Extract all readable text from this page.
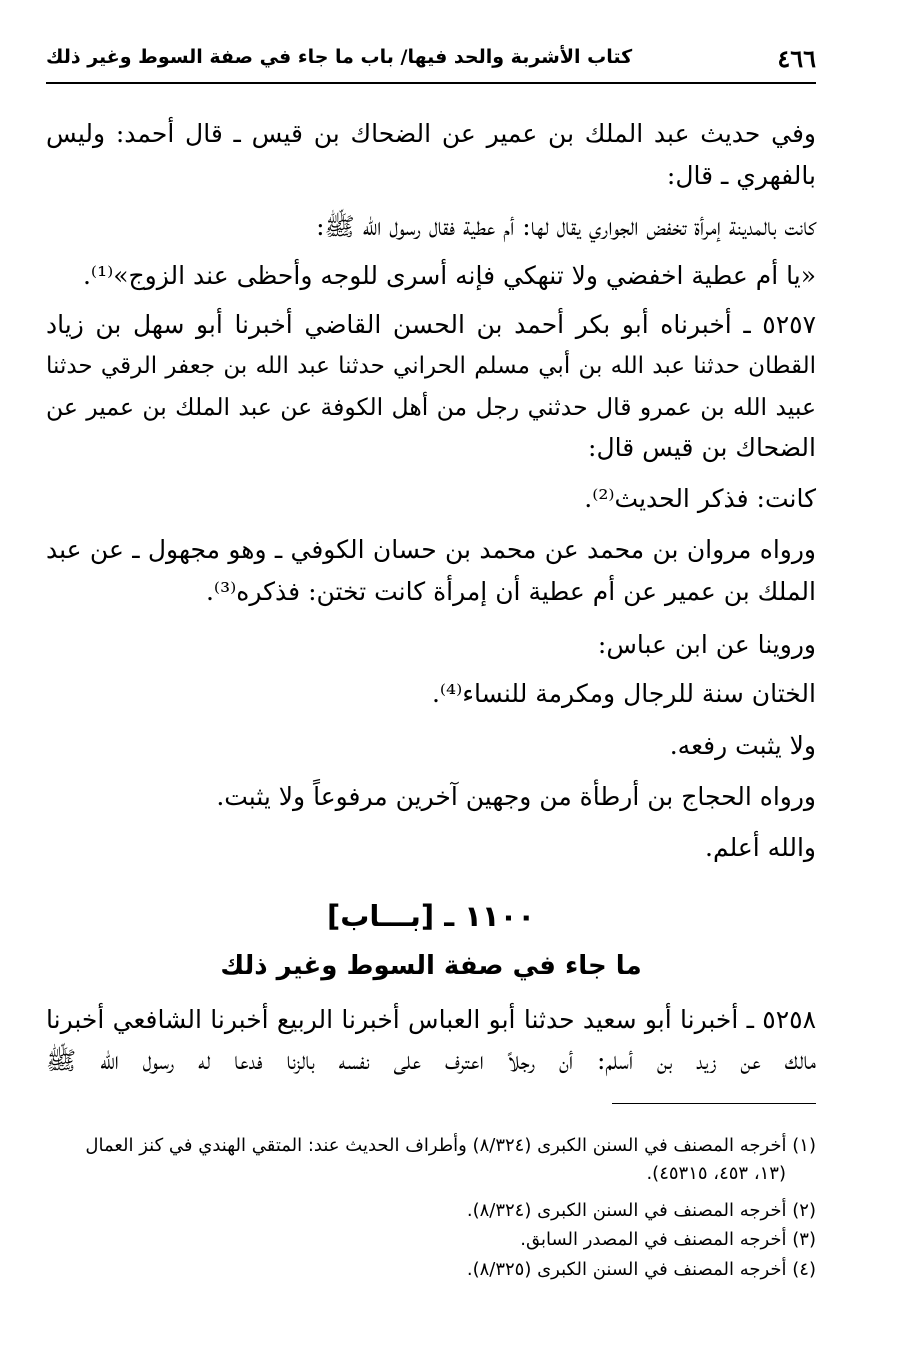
٤٦٦
كتاب الأشربة والحد فيها/ باب ما جاء في صفة السوط وغير ذلك
وفي حديث عبد الملك بن عمير عن الضحاك بن قيس ـ قال أحمد: وليس
بالفهري ـ قال:
كانت بالمدينة إمرأة تخفض الجواري يقال لها: أم عطية فقال رسول الله ﷺ:
«يا أم عطية اخفضي ولا تنهكي فإنه أسرى للوجه وأحظى عند الزوج»⁽¹⁾.
٥٢٥٧ ـ أخبرناه أبو بكر أحمد بن الحسن القاضي أخبرنا أبو سهل بن زياد
القطان حدثنا عبد الله بن أبي مسلم الحراني حدثنا عبد الله بن جعفر الرقي حدثنا
عبيد الله بن عمرو قال حدثني رجل من أهل الكوفة عن عبد الملك بن عمير عن
الضحاك بن قيس قال:
كانت: فذكر الحديث⁽²⁾.
ورواه مروان بن محمد عن محمد بن حسان الكوفي ـ وهو مجهول ـ عن عبد
الملك بن عمير عن أم عطية أن إمرأة كانت تختن: فذكره⁽³⁾.
وروينا عن ابن عباس:
الختان سنة للرجال ومكرمة للنساء⁽⁴⁾.
ولا يثبت رفعه.
ورواه الحجاج بن أرطأة من وجهين آخرين مرفوعاً ولا يثبت.
والله أعلم.
١١٠٠ ـ [بـــاب]
ما جاء في صفة السوط وغير ذلك
٥٢٥٨ ـ أخبرنا أبو سعيد حدثنا أبو العباس أخبرنا الربيع أخبرنا الشافعي أخبرنا
مالك عن زيد بن أسلم: أن رجلاً اعترف على نفسه بالزنا فدعا له رسول الله ﷺ
(١) أخرجه المصنف في السنن الكبرى (٨/٣٢٤) وأطراف الحديث عند: المتقي الهندي في كنز العمال
(١٣، ٤٥٣، ٤٥٣١٥).
(٢) أخرجه المصنف في السنن الكبرى (٨/٣٢٤).
(٣) أخرجه المصنف في المصدر السابق.
(٤) أخرجه المصنف في السنن الكبرى (٨/٣٢٥).
